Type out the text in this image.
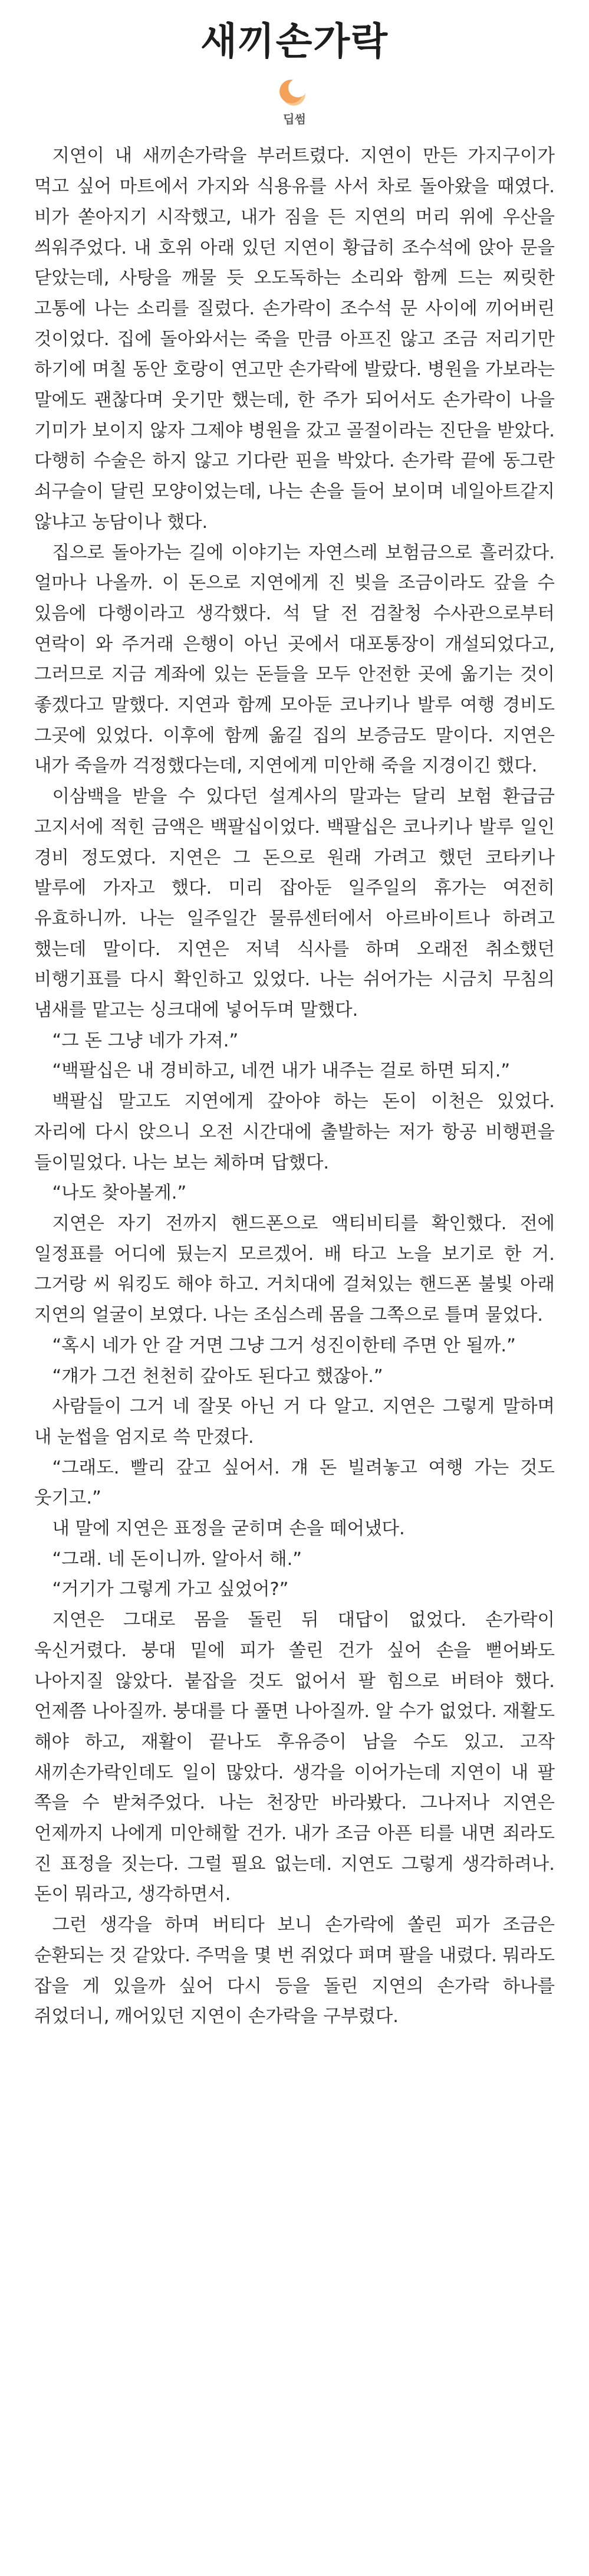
새끼손가락
딥썸

지연이 내 새끼손가락을 부러트렸다. 지연이 만든 가지구이가 먹고 싶어 마트에서 가지와 식용유를 사서 차로 돌아왔을 때였다. 비가 쏟아지기 시작했고, 내가 짐을 든 지연의 머리 위에 우산을 씌워주었다. 내 호위 아래 있던 지연이 황급히 조수석에 앉아 문을 닫았는데, 사탕을 깨물 듯 오도독하는 소리와 함께 드는 찌릿한 고통에 나는 소리를 질렀다. 손가락이 조수석 문 사이에 끼어버린 것이었다. 집에 돌아와서는 죽을 만큼 아프진 않고 조금 저리기만 하기에 며칠 동안 호랑이 연고만 손가락에 발랐다. 병원을 가보라는 말에도 괜찮다며 웃기만 했는데, 한 주가 되어서도 손가락이 나을 기미가 보이지 않자 그제야 병원을 갔고 골절이라는 진단을 받았다. 다행히 수술은 하지 않고 기다란 핀을 박았다. 손가락 끝에 동그란 쇠구슬이 달린 모양이었는데, 나는 손을 들어 보이며 네일아트같지 않냐고 농담이나 했다.

집으로 돌아가는 길에 이야기는 자연스레 보험금으로 흘러갔다. 얼마나 나올까. 이 돈으로 지연에게 진 빚을 조금이라도 갚을 수 있음에 다행이라고 생각했다. 석 달 전 검찰청 수사관으로부터 연락이 와 주거래 은행이 아닌 곳에서 대포통장이 개설되었다고, 그러므로 지금 계좌에 있는 돈들을 모두 안전한 곳에 옮기는 것이 좋겠다고 말했다. 지연과 함께 모아둔 코나키나 발루 여행 경비도 그곳에 있었다. 이후에 함께 옮길 집의 보증금도 말이다. 지연은 내가 죽을까 걱정했다는데, 지연에게 미안해 죽을 지경이긴 했다.

이삼백을 받을 수 있다던 설계사의 말과는 달리 보험 환급금 고지서에 적힌 금액은 백팔십이었다. 백팔십은 코나키나 발루 일인 경비 정도였다. 지연은 그 돈으로 원래 가려고 했던 코타키나 발루에 가자고 했다. 미리 잡아둔 일주일의 휴가는 여전히 유효하니까. 나는 일주일간 물류센터에서 아르바이트나 하려고 했는데 말이다. 지연은 저녁 식사를 하며 오래전 취소했던 비행기표를 다시 확인하고 있었다. 나는 쉬어가는 시금치 무침의 냄새를 맡고는 싱크대에 넣어두며 말했다.

“그 돈 그냥 네가 가져.”

“백팔십은 내 경비하고, 네껀 내가 내주는 걸로 하면 되지.”

백팔십 말고도 지연에게 갚아야 하는 돈이 이천은 있었다. 자리에 다시 앉으니 오전 시간대에 출발하는 저가 항공 비행편을 들이밀었다. 나는 보는 체하며 답했다.

“나도 찾아볼게.”

지연은 자기 전까지 핸드폰으로 액티비티를 확인했다. 전에 일정표를 어디에 뒀는지 모르겠어. 배 타고 노을 보기로 한 거. 그거랑 씨 워킹도 해야 하고. 거치대에 걸쳐있는 핸드폰 불빛 아래 지연의 얼굴이 보였다. 나는 조심스레 몸을 그쪽으로 틀며 물었다.

“혹시 네가 안 갈 거면 그냥 그거 성진이한테 주면 안 될까.”

“걔가 그건 천천히 갚아도 된다고 했잖아.”

사람들이 그거 네 잘못 아닌 거 다 알고. 지연은 그렇게 말하며 내 눈썹을 엄지로 쓱 만졌다.

“그래도. 빨리 갚고 싶어서. 걔 돈 빌려놓고 여행 가는 것도 웃기고.”

내 말에 지연은 표정을 굳히며 손을 떼어냈다.

“그래. 네 돈이니까. 알아서 해.”

“거기가 그렇게 가고 싶었어?”

지연은 그대로 몸을 돌린 뒤 대답이 없었다. 손가락이 욱신거렸다. 붕대 밑에 피가 쏠린 건가 싶어 손을 뻗어봐도 나아지질 않았다. 붙잡을 것도 없어서 팔 힘으로 버텨야 했다. 언제쯤 나아질까. 붕대를 다 풀면 나아질까. 알 수가 없었다. 재활도 해야 하고, 재활이 끝나도 후유증이 남을 수도 있고. 고작 새끼손가락인데도 일이 많았다. 생각을 이어가는데 지연이 내 팔 쪽을 수 받쳐주었다. 나는 천장만 바라봤다. 그나저나 지연은 언제까지 나에게 미안해할 건가. 내가 조금 아픈 티를 내면 죄라도 진 표정을 짓는다. 그럴 필요 없는데. 지연도 그렇게 생각하려나. 돈이 뭐라고, 생각하면서.

그런 생각을 하며 버티다 보니 손가락에 쏠린 피가 조금은 순환되는 것 같았다. 주먹을 몇 번 쥐었다 펴며 팔을 내렸다. 뭐라도 잡을 게 있을까 싶어 다시 등을 돌린 지연의 손가락 하나를 쥐었더니, 깨어있던 지연이 손가락을 구부렸다.
